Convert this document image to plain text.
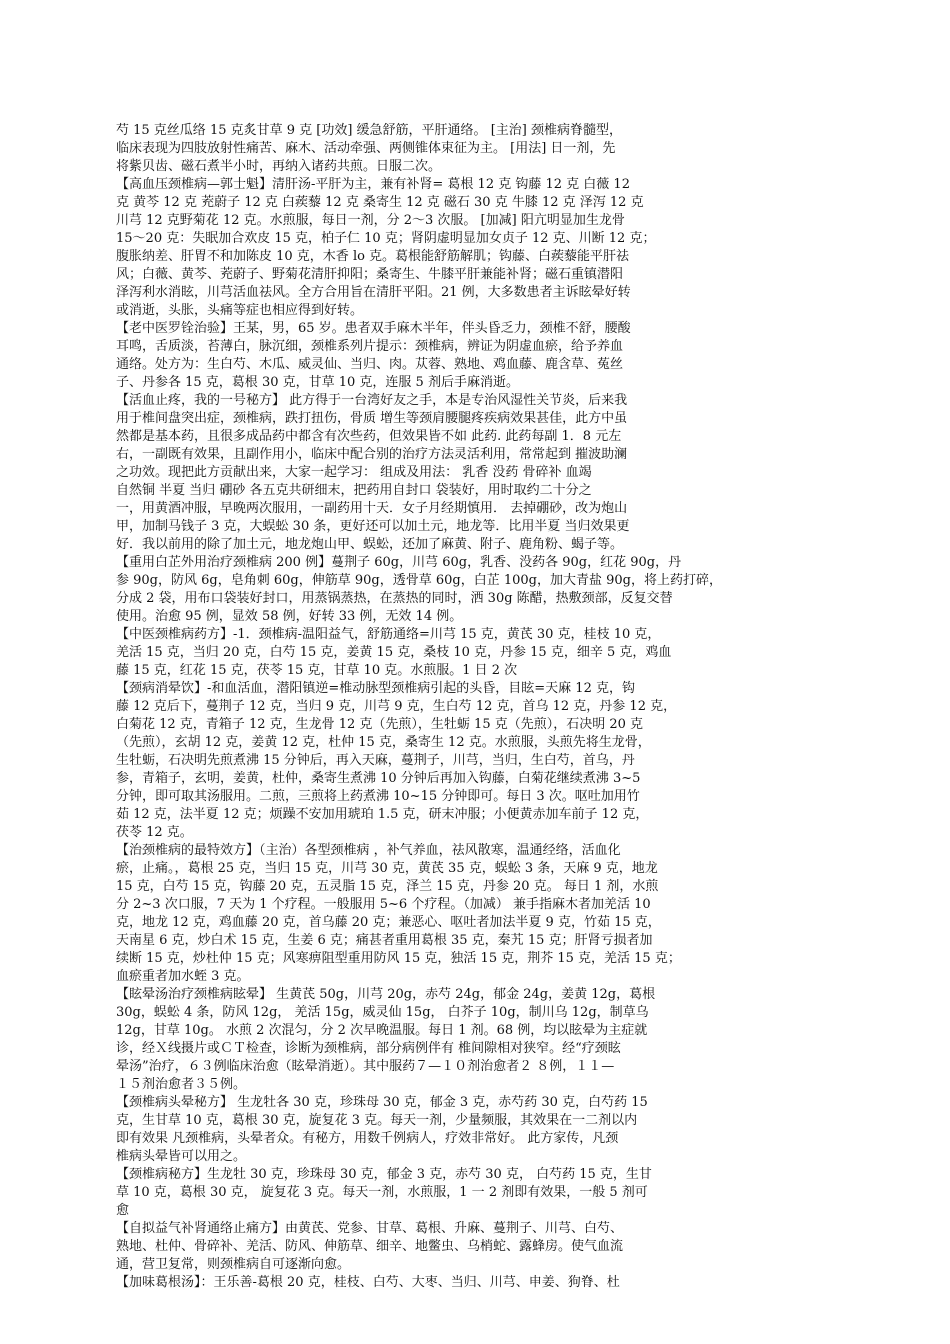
芍 15 克丝瓜络 15 克炙甘草 9 克 [功效] 缓急舒筋，平肝通络。 [主治] 颈椎病脊髓型，
临床表现为四肢放射性痛苦、麻木、活动牵强、两侧锥体束征为主。 [用法] 日一剂，先
将紫贝齿、磁石煮半小时，再纳入诸药共煎。日服二次。
【高血压颈椎病—郭士魁】清肝汤-平肝为主，兼有补肾= 葛根 12 克 钩藤 12 克 白薇 12
克 黄芩 12 克 茺蔚子 12 克 白蒺藜 12 克 桑寄生 12 克 磁石 30 克 牛膝 12 克 泽泻 12 克
川芎 12 克野菊花 12 克。水煎服，每日一剂，分 2～3 次服。 [加减] 阳亢明显加生龙骨
15～20 克：失眠加合欢皮 15 克，柏子仁 10 克；肾阴虚明显加女贞子 12 克、川断 12 克；
腹胀纳差、肝胃不和加陈皮 10 克，木香 lo 克。葛根能舒筋解肌；钩藤、白蒺藜能平肝祛
风；白薇、黄芩、茺蔚子、野菊花清肝抑阳；桑寄生、牛膝平肝兼能补肾；磁石重镇潜阳
泽泻利水消眩，川芎活血祛风。全方合用旨在清肝平阳。21 例，大多数患者主诉眩晕好转
或消逝，头胀，头痛等症也相应得到好转。
【老中医罗铨治验】王某，男，65 岁。患者双手麻木半年，伴头昏乏力，颈椎不舒，腰酸
耳鸣，舌质淡，苔薄白，脉沉细，颈椎系列片提示：颈椎病，辨证为阴虚血瘀，给予养血
通络。处方为：生白芍、木瓜、威灵仙、当归、肉。苁蓉、熟地、鸡血藤、鹿含草、菟丝
子、丹参各 15 克，葛根 30 克，甘草 10 克，连服 5 剂后手麻消逝。
【活血止疼，我的一号秘方】 此方得于一台湾好友之手，本是专治风湿性关节炎，后来我
用于椎间盘突出症，颈椎病，跌打扭伤，骨质 增生等颈肩腰腿疼疾病效果甚佳，此方中虽
然都是基本药，且很多成品药中都含有次些药，但效果皆不如 此药. 此药每副 1．8 元左
右，一副既有效果，且副作用小，临床中配合别的治疗方法灵活利用，常常起到 摧波助澜
之功效。现把此方贡献出来，大家一起学习： 组成及用法： 乳香 没药 骨碎补 血竭
自然铜 半夏 当归 硼砂 各五克共研细末，把药用自封口 袋装好，用时取约二十分之
一，用黄酒冲服，早晚两次服用，一副药用十天．女子月经期慎用． 去掉硼砂，改为炮山
甲，加制马钱子 3 克，大蜈蚣 30 条，更好还可以加土元，地龙等．比用半夏 当归效果更
好．我以前用的除了加土元，地龙炮山甲、蜈蚣，还加了麻黄、附子、鹿角粉、蝎子等。
【重用白芷外用治疗颈椎病 200 例】蔓荆子 60g，川芎 60g，乳香、没药各 90g，红花 90g，丹
参 90g，防风 6g，皂角刺 60g，伸筋草 90g，透骨草 60g，白芷 100g，加大青盐 90g，将上药打碎，
分成 2 袋，用布口袋装好封口，用蒸锅蒸热，在蒸热的同时，洒 30g 陈醋，热敷颈部，反复交替
使用。治愈 95 例，显效 58 例，好转 33 例，无效 14 例。
【中医颈椎病药方】-1．颈椎病-温阳益气，舒筋通络=川芎 15 克，黄芪 30 克，桂枝 10 克，
羌活 15 克，当归 20 克，白芍 15 克，姜黄 15 克，桑枝 10 克，丹参 15 克，细辛 5 克，鸡血
藤 15 克，红花 15 克，茯苓 15 克，甘草 10 克。水煎服。1 日 2 次
【颈病消晕饮】-和血活血，潜阳镇逆=椎动脉型颈椎病引起的头昏，目眩=天麻 12 克，钩
藤 12 克后下，蔓荆子 12 克，当归 9 克，川芎 9 克，生白芍 12 克，首乌 12 克，丹参 12 克，
白菊花 12 克，青箱子 12 克，生龙骨 12 克（先煎），生牡蛎 15 克（先煎），石决明 20 克
（先煎），玄胡 12 克，姜黄 12 克，杜仲 15 克，桑寄生 12 克。水煎服，头煎先将生龙骨，
生牡蛎，石决明先煎煮沸 15 分钟后，再入天麻，蔓荆子，川芎，当归，生白芍，首乌，丹
参，青箱子，玄明，姜黄，杜仲，桑寄生煮沸 10 分钟后再加入钩藤，白菊花继续煮沸 3~5
分钟，即可取其汤服用。二煎，三煎将上药煮沸 10~15 分钟即可。每日 3 次。呕吐加用竹
茹 12 克，法半夏 12 克；烦躁不安加用琥珀 1.5 克，研末冲服；小便黄赤加车前子 12 克，
茯苓 12 克。
【治颈椎病的最特效方】（主治）各型颈椎病 ，补气养血，祛风散寒，温通经络，活血化
瘀，止痛。，葛根 25 克，当归 15 克，川芎 30 克，黄芪 35 克，蜈蚣 3 条，天麻 9 克，地龙
15 克，白芍 15 克，钩藤 20 克，五灵脂 15 克，泽兰 15 克，丹参 20 克。 每日 1 剂，水煎
分 2~3 次口服，7 天为 1 个疗程。一般服用 5~6 个疗程。（加减） 兼手指麻木者加羌活 10
克，地龙 12 克，鸡血藤 20 克，首乌藤 20 克；兼恶心、呕吐者加法半夏 9 克，竹茹 15 克，
天南星 6 克，炒白术 15 克，生姜 6 克；痛甚者重用葛根 35 克，秦艽 15 克；肝肾亏损者加
续断 15 克，炒杜仲 15 克；风寒痹阻型重用防风 15 克，独活 15 克，荆芥 15 克，羌活 15 克；
血瘀重者加水蛭 3 克。
【眩晕汤治疗颈椎病眩晕】 生黄芪 50g，川芎 20g，赤芍 24g，郁金 24g，姜黄 12g，葛根
30g，蜈蚣 4 条，防风 12g， 羌活 15g，威灵仙 15g， 白芥子 10g，制川乌 12g，制草乌
12g，甘草 10g。 水煎 2 次混匀，分 2 次早晚温服。每日 1 剂。68 例，均以眩晕为主症就
诊，经Ｘ线摄片或ＣＴ检查，诊断为颈椎病，部分病例伴有 椎间隙相对狭窄。经“疗颈眩
晕汤”治疗，６３例临床治愈（眩晕消逝）。其中服药７—１０剂治愈者２ ８例，１１—
１５剂治愈者３５例。
【颈椎病头晕秘方】 生龙牡各 30 克，珍珠母 30 克，郁金 3 克，赤芍药 30 克，白芍药 15
克，生甘草 10 克，葛根 30 克，旋复花 3 克。每天一剂，少量频服，其效果在一二剂以内
即有效果 凡颈椎病，头晕者众。有秘方，用数千例病人，疗效非常好。 此方家传，凡颈
椎病头晕皆可以用之。
【颈椎病秘方】生龙牡 30 克，珍珠母 30 克，郁金 3 克，赤芍 30 克， 白芍药 15 克，生甘
草 10 克，葛根 30 克， 旋复花 3 克。每天一剂，水煎服，1 一 2 剂即有效果，一般 5 剂可
愈
【自拟益气补肾通络止痛方】由黄芪、党参、甘草、葛根、升麻、蔓荆子、川芎、白芍、
熟地、杜仲、骨碎补、羌活、防风、伸筋草、细辛、地鳖虫、乌梢蛇、露蜂房。使气血流
通，营卫复常，则颈椎病自可逐渐向愈。
【加味葛根汤】：王乐善-葛根 20 克，桂枝、白芍、大枣、当归、川芎、申姜、狗脊、杜
